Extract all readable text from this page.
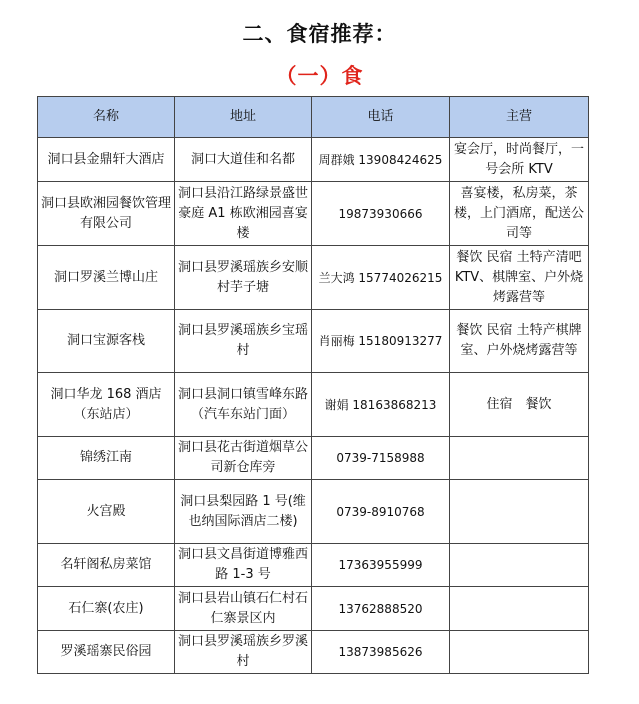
二、食宿推荐：
（一）食
名称	地址	电话	主营
洞口县金鼎轩大酒店	洞口大道佳和名都	周群娥 13908424625	宴会厅，时尚餐厅，一号会所 KTV
洞口县欧湘园餐饮管理有限公司	洞口县沿江路绿景盛世豪庭 A1 栋欧湘园喜宴楼	19873930666	喜宴楼，私房菜，茶楼，上门酒席，配送公司等
洞口罗溪兰博山庄	洞口县罗溪瑶族乡安顺村芋子塘	兰大鸿 15774026215	餐饮 民宿 土特产清吧 KTV、棋牌室、户外烧烤露营等
洞口宝源客栈	洞口县罗溪瑶族乡宝瑶村	肖丽梅 15180913277	餐饮 民宿 土特产棋牌室、户外烧烤露营等
洞口华龙 168 酒店（东站店）	洞口县洞口镇雪峰东路（汽车东站门面）	谢娟 18163868213	住宿　餐饮
锦绣江南	洞口县花古街道烟草公司新仓库旁	0739-7158988	
火宫殿	洞口县梨园路 1 号(维也纳国际酒店二楼)	0739-8910768	
名轩阁私房菜馆	洞口县文昌街道博雅西路 1-3 号	17363955999	
石仁寨(农庄)	洞口县岩山镇石仁村石仁寨景区内	13762888520	
罗溪瑶寨民俗园	洞口县罗溪瑶族乡罗溪村	13873985626	
